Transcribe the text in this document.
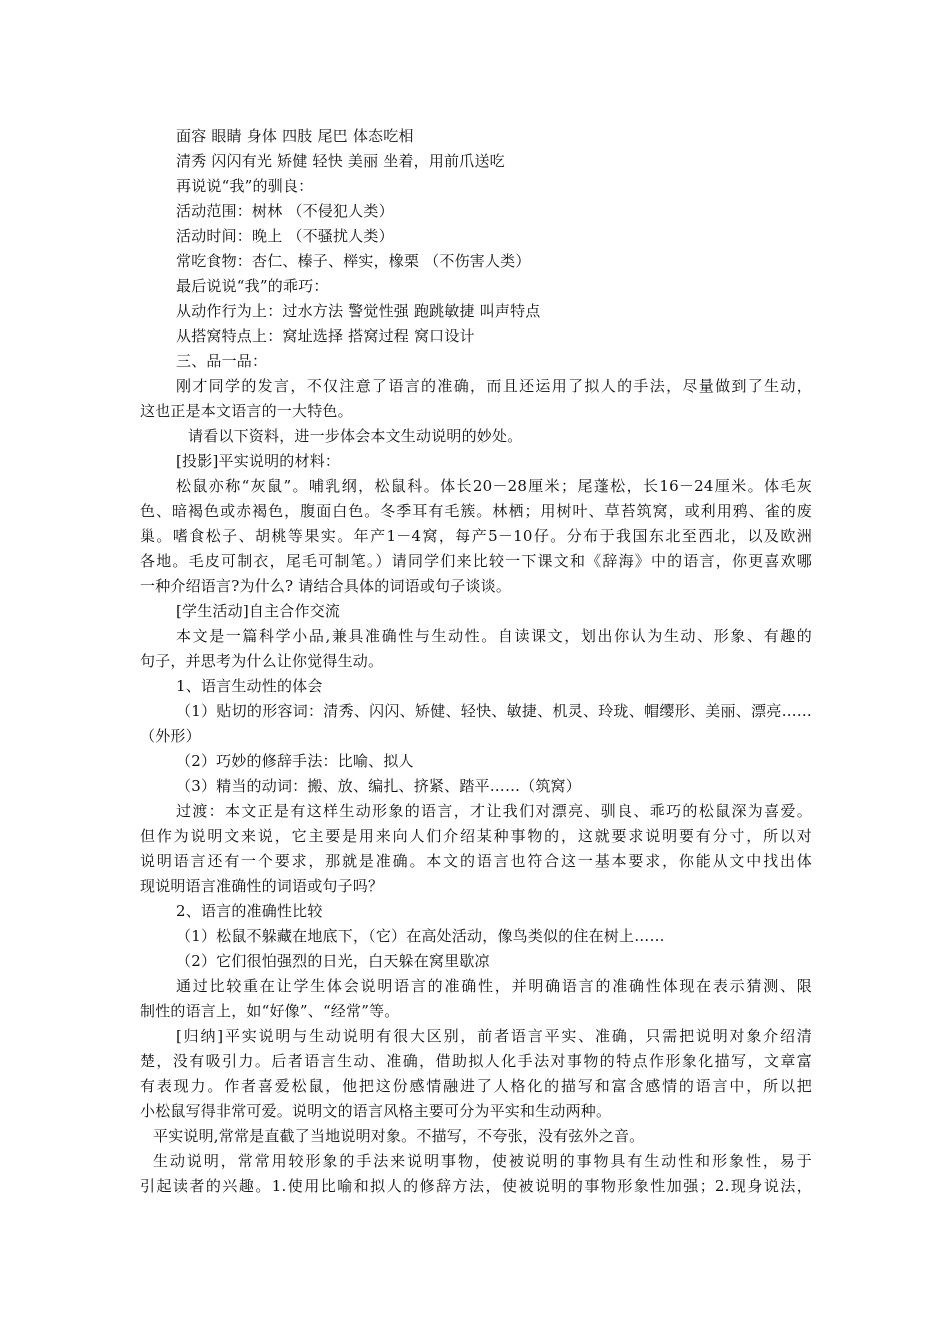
面容 眼睛 身体 四肢 尾巴 体态吃相
清秀 闪闪有光 矫健 轻快 美丽 坐着，用前爪送吃
再说说“我”的驯良：
活动范围：树林 （不侵犯人类）
活动时间：晚上 （不骚扰人类）
常吃食物：杏仁、榛子、榉实，橡栗 （不伤害人类）
最后说说“我”的乖巧：
从动作行为上：过水方法 警觉性强 跑跳敏捷 叫声特点
从搭窝特点上：窝址选择 搭窝过程 窝口设计
三、品一品：
刚才同学的发言，不仅注意了语言的准确，而且还运用了拟人的手法，尽量做到了生动，
这也正是本文语言的一大特色。
请看以下资料，进一步体会本文生动说明的妙处。
[投影]平实说明的材料：
松鼠亦称“灰鼠”。哺乳纲，松鼠科。体长20－28厘米；尾蓬松，长16－24厘米。体毛灰
色、暗褐色或赤褐色，腹面白色。冬季耳有毛簇。林栖；用树叶、草苔筑窝，或利用鸦、雀的废
巢。嗜食松子、胡桃等果实。年产1－4窝，每产5－10仔。分布于我国东北至西北，以及欧洲
各地。毛皮可制衣，尾毛可制笔。）请同学们来比较一下课文和《辞海》中的语言，你更喜欢哪
一种介绍语言?为什么? 请结合具体的词语或句子谈谈。
[学生活动]自主合作交流
本文是一篇科学小品,兼具准确性与生动性。自读课文，划出你认为生动、形象、有趣的
句子，并思考为什么让你觉得生动。
1、语言生动性的体会
（1）贴切的形容词：清秀、闪闪、矫健、轻快、敏捷、机灵、玲珑、帽缨形、美丽、漂亮……
（外形）
（2）巧妙的修辞手法：比喻、拟人
（3）精当的动词：搬、放、编扎、挤紧、踏平……（筑窝）
过渡：本文正是有这样生动形象的语言，才让我们对漂亮、驯良、乖巧的松鼠深为喜爱。
但作为说明文来说，它主要是用来向人们介绍某种事物的，这就要求说明要有分寸，所以对
说明语言还有一个要求，那就是准确。本文的语言也符合这一基本要求，你能从文中找出体
现说明语言准确性的词语或句子吗？
2、语言的准确性比较
（1）松鼠不躲藏在地底下，（它）在高处活动，像鸟类似的住在树上……
（2）它们很怕强烈的日光，白天躲在窝里歇凉
通过比较重在让学生体会说明语言的准确性，并明确语言的准确性体现在表示猜测、限
制性的语言上，如“好像”、“经常”等。
[归纳]平实说明与生动说明有很大区别，前者语言平实、准确，只需把说明对象介绍清
楚，没有吸引力。后者语言生动、准确，借助拟人化手法对事物的特点作形象化描写，文章富
有表现力。作者喜爱松鼠，他把这份感情融进了人格化的描写和富含感情的语言中，所以把
小松鼠写得非常可爱。说明文的语言风格主要可分为平实和生动两种。
平实说明,常常是直截了当地说明对象。不描写，不夸张，没有弦外之音。
生动说明，常常用较形象的手法来说明事物，使被说明的事物具有生动性和形象性，易于
引起读者的兴趣。1.使用比喻和拟人的修辞方法，使被说明的事物形象性加强；2.现身说法，
